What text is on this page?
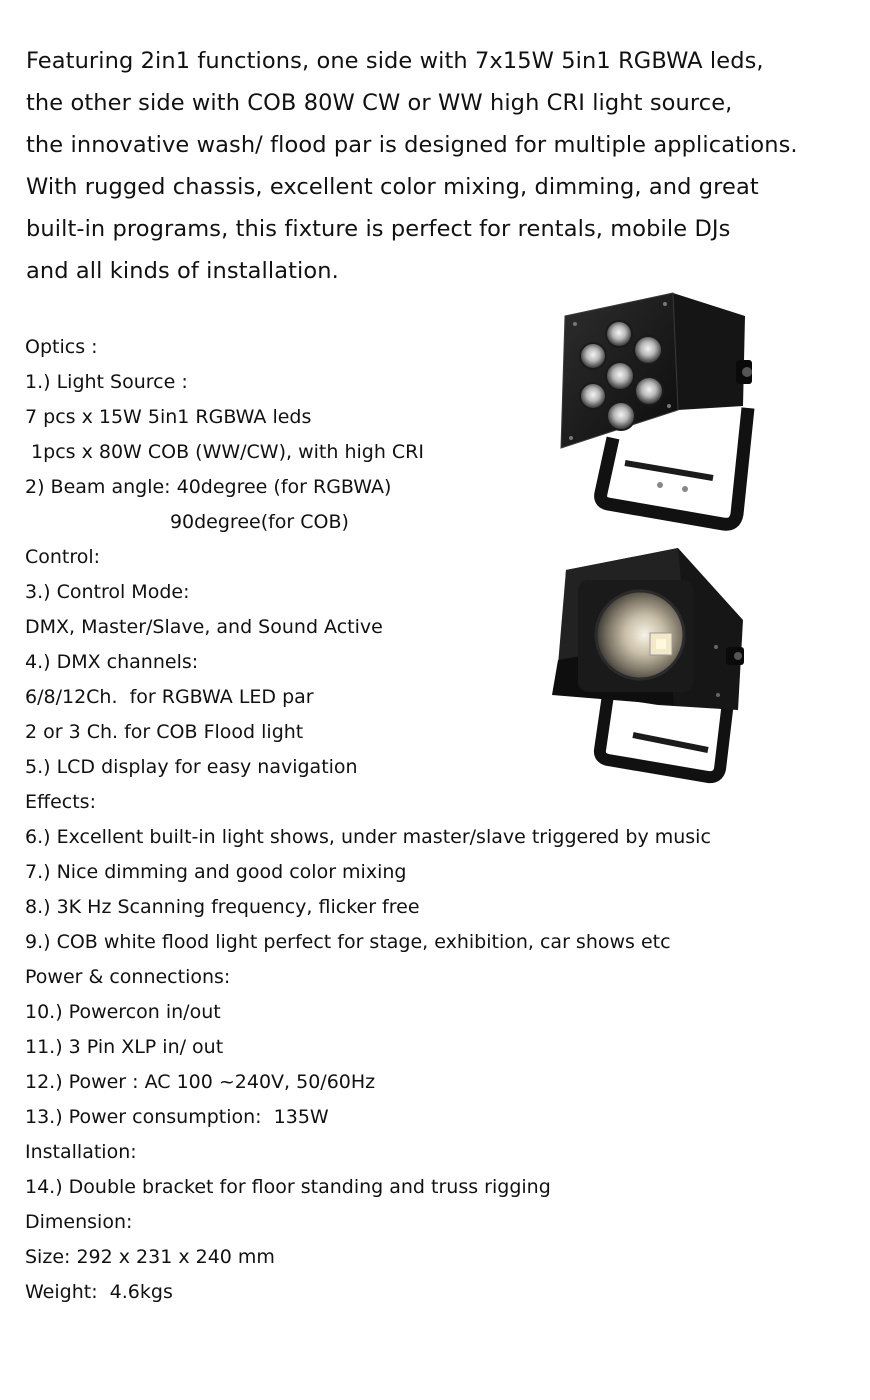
Featuring 2in1 functions, one side with 7x15W 5in1 RGBWA leds,
the other side with COB 80W CW or WW high CRI light source,
the innovative wash/ flood par is designed for multiple applications.
With rugged chassis, excellent color mixing, dimming, and great
built-in programs, this fixture is perfect for rentals, mobile DJs
and all kinds of installation.
Optics :
1.) Light Source :
7 pcs x 15W 5in1 RGBWA leds
1pcs x 80W COB (WW/CW), with high CRI
2) Beam angle: 40degree (for RGBWA)
90degree(for COB)
Control:
3.) Control Mode:
DMX, Master/Slave, and Sound Active
4.) DMX channels:
6/8/12Ch.  for RGBWA LED par
2 or 3 Ch. for COB Flood light
5.) LCD display for easy navigation
Effects:
6.) Excellent built-in light shows, under master/slave triggered by music
7.) Nice dimming and good color mixing
8.) 3K Hz Scanning frequency, flicker free
9.) COB white flood light perfect for stage, exhibition, car shows etc
Power & connections:
10.) Powercon in/out
11.) 3 Pin XLP in/ out
12.) Power : AC 100 ~240V, 50/60Hz
13.) Power consumption:  135W
Installation:
14.) Double bracket for floor standing and truss rigging
Dimension:
Size: 292 x 231 x 240 mm
Weight:  4.6kgs
